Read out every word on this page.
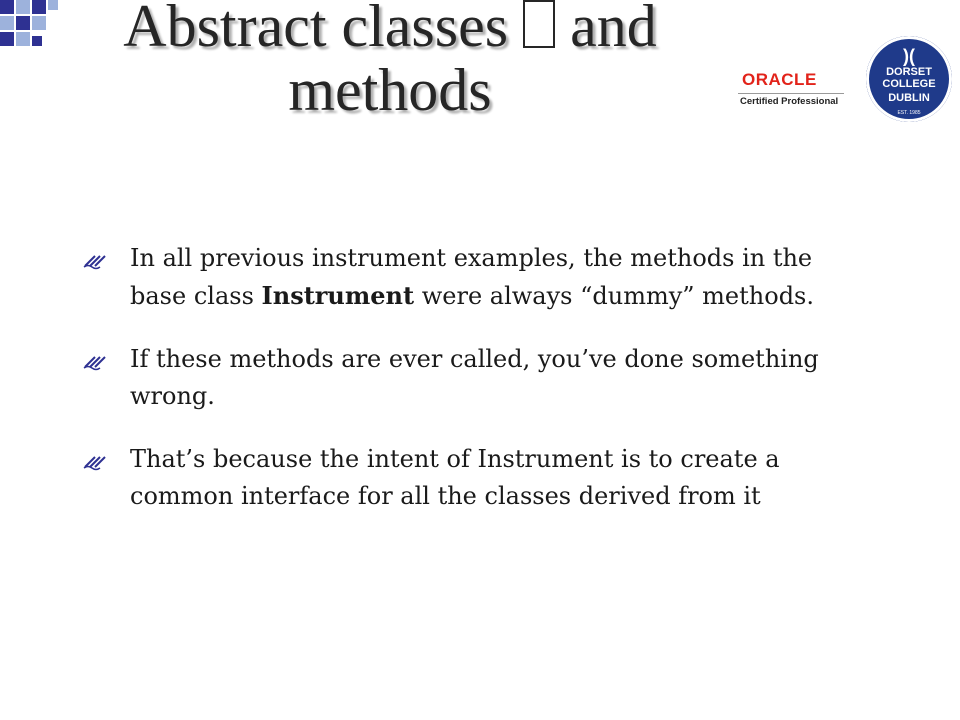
Abstract classes and methods	ORACLE
Certified Professional
)(
DORSET
COLLEGE
DUBLIN
EST. 1985
In all previous instrument examples, the methods in the base class Instrument were always “dummy” methods.
If these methods are ever called, you’ve done something wrong.
That’s because the intent of Instrument is to create a common interface for all the classes derived from it
